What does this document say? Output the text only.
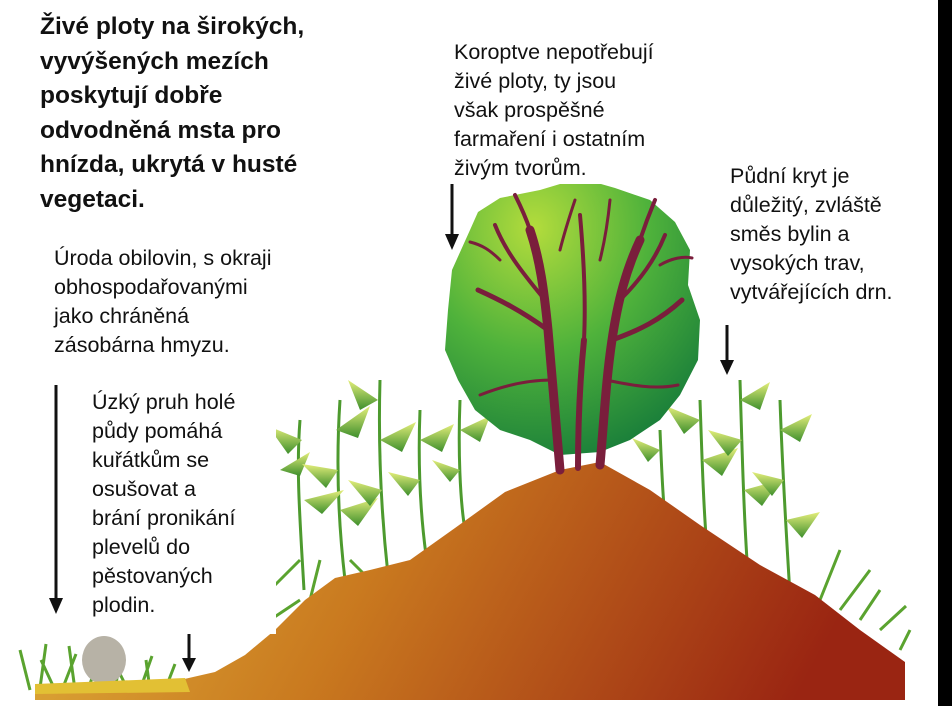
Živé ploty na širokých,
vyvýšených mezích
poskytují dobře
odvodněná msta pro
hnízda, ukrytá v husté
vegetaci.
Úroda obilovin, s okraji
obhospodařovanými
jako chráněná
zásobárna hmyzu.
Úzký pruh holé
půdy pomáhá
kuřátkům se
osušovat a
brání pronikání
plevelů do
pěstovaných
plodin.
Koroptve nepotřebují
živé ploty, ty jsou
však prospěšné
farmaření i ostatním
živým tvorům.	Půdní kryt je
důležitý, zvláště
směs bylin a
vysokých trav,
vytvářejících drn.
